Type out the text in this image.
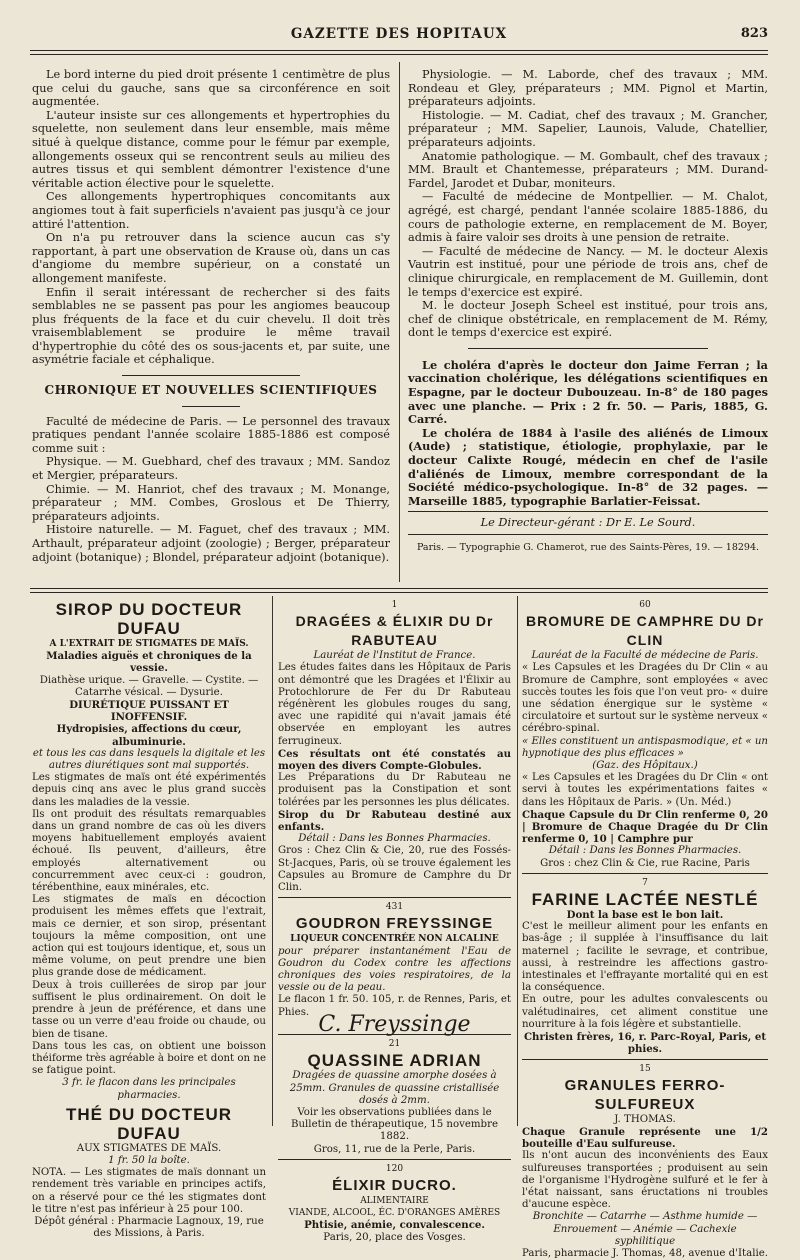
GAZETTE DES HOPITAUX	823

Le bord interne du pied droit présente 1 centimètre de plus que celui du gauche, sans que sa circonférence en soit augmentée.

L'auteur insiste sur ces allongements et hypertrophies du squelette, non seulement dans leur ensemble, mais même situé à quelque distance, comme pour le fémur par exemple, allongements osseux qui se rencontrent seuls au milieu des autres tissus et qui semblent démontrer l'existence d'une véritable action élective pour le squelette.

Ces allongements hypertrophiques concomitants aux angiomes tout à fait superficiels n'avaient pas jusqu'à ce jour attiré l'attention.

On n'a pu retrouver dans la science aucun cas s'y rapportant, à part une observation de Krause où, dans un cas d'angiome du membre supérieur, on a constaté un allongement manifeste.

Enfin il serait intéressant de rechercher si des faits semblables ne se passent pas pour les angiomes beaucoup plus fréquents de la face et du cuir chevelu. Il doit très vraisemblablement se produire le même travail d'hypertrophie du côté des os sous-jacents et, par suite, une asymétrie faciale et céphalique.

CHRONIQUE ET NOUVELLES SCIENTIFIQUES

Faculté de médecine de Paris. — Le personnel des travaux pratiques pendant l'année scolaire 1885-1886 est composé comme suit :

Physique. — M. Guebhard, chef des travaux ; MM. Sandoz et Mergier, préparateurs.

Chimie. — M. Hanriot, chef des travaux ; M. Monange, préparateur ; MM. Combes, Groslous et De Thierry, préparateurs adjoints.

Histoire naturelle. — M. Faguet, chef des travaux ; MM. Arthault, préparateur adjoint (zoologie) ; Berger, préparateur adjoint (botanique) ; Blondel, préparateur adjoint (botanique).

Physiologie. — M. Laborde, chef des travaux ; MM. Rondeau et Gley, préparateurs ; MM. Pignol et Martin, préparateurs adjoints.

Histologie. — M. Cadiat, chef des travaux ; M. Grancher, préparateur ; MM. Sapelier, Launois, Valude, Chatellier, préparateurs adjoints.

Anatomie pathologique. — M. Gombault, chef des travaux ; MM. Brault et Chantemesse, préparateurs ; MM. Durand-Fardel, Jarodet et Dubar, moniteurs.

— Faculté de médecine de Montpellier. — M. Chalot, agrégé, est chargé, pendant l'année scolaire 1885-1886, du cours de pathologie externe, en remplacement de M. Boyer, admis à faire valoir ses droits à une pension de retraite.

— Faculté de médecine de Nancy. — M. le docteur Alexis Vautrin est institué, pour une période de trois ans, chef de clinique chirurgicale, en remplacement de M. Guillemin, dont le temps d'exercice est expiré.

M. le docteur Joseph Scheel est institué, pour trois ans, chef de clinique obstétricale, en remplacement de M. Rémy, dont le temps d'exercice est expiré.

Le choléra d'après le docteur don Jaime Ferran ; la vaccination cholérique, les délégations scientifiques en Espagne, par le docteur Dubouzeau. In-8° de 180 pages avec une planche. — Prix : 2 fr. 50. — Paris, 1885, G. Carré.

Le choléra de 1884 à l'asile des aliénés de Limoux (Aude) ; statistique, étiologie, prophylaxie, par le docteur Calixte Rougé, médecin en chef de l'asile d'aliénés de Limoux, membre correspondant de la Société médico-psychologique. In-8° de 32 pages. — Marseille 1885, typographie Barlatier-Feissat.

Le Directeur-gérant : Dr E. Le Sourd.
Paris. — Typographie G. Chamerot, rue des Saints-Pères, 19. — 18294.
SIROP DU DOCTEUR DUFAU
A L'EXTRAIT DE STIGMATES DE MAÏS.

Maladies aiguës et chroniques de la vessie.

Diathèse urique. — Gravelle. — Cystite. — Catarrhe vésical. — Dysurie.

DIURÉTIQUE PUISSANT ET INOFFENSIF.

Hydropisies, affections du cœur, albuminurie.

et tous les cas dans lesquels la digitale et les autres diurétiques sont mal supportés.

Les stigmates de maïs ont été expérimentés depuis cinq ans avec le plus grand succès dans les maladies de la vessie.

Ils ont produit des résultats remarquables dans un grand nombre de cas où les divers moyens habituellement employés avaient échoué. Ils peuvent, d'ailleurs, être employés alternativement ou concurremment avec ceux-ci : goudron, térébenthine, eaux minérales, etc.

Les stigmates de maïs en décoction produisent les mêmes effets que l'extrait, mais ce dernier, et son sirop, présentant toujours la même composition, ont une action qui est toujours identique, et, sous un même volume, on peut prendre une bien plus grande dose de médicament.

Deux à trois cuillerées de sirop par jour suffisent le plus ordinairement. On doit le prendre à jeun de préférence, et dans une tasse ou un verre d'eau froide ou chaude, ou bien de tisane.

Dans tous les cas, on obtient une boisson théiforme très agréable à boire et dont on ne se fatigue point.

3 fr. le flacon dans les principales pharmacies.

THÉ DU DOCTEUR DUFAU
AUX STIGMATES DE MAÏS.
1 fr. 50 la boîte.

NOTA. — Les stigmates de maïs donnant un rendement très variable en principes actifs, on a réservé pour ce thé les stigmates dont le titre n'est pas inférieur à 25 pour 100.

Dépôt général : Pharmacie Lagnoux, 19, rue des Missions, à Paris.

1
DRAGÉES & ÉLIXIR DU Dr RABUTEAU
Lauréat de l'Institut de France.

Les études faites dans les Hôpitaux de Paris ont démontré que les Dragées et l'Élixir au Protochlorure de Fer du Dr Rabuteau régénèrent les globules rouges du sang, avec une rapidité qui n'avait jamais été observée en employant les autres ferrugineux.

Ces résultats ont été constatés au moyen des divers Compte-Globules.

Les Préparations du Dr Rabuteau ne produisent pas la Constipation et sont tolérées par les personnes les plus délicates.

Sirop du Dr Rabuteau destiné aux enfants.

Détail : Dans les Bonnes Pharmacies.

Gros : Chez Clin & Cie, 20, rue des Fossés-St-Jacques, Paris, où se trouve également les Capsules au Bromure de Camphre du Dr Clin.

431
GOUDRON FREYSSINGE
LIQUEUR CONCENTRÉE NON ALCALINE

pour préparer instantanément l'Eau de Goudron du Codex contre les affections chroniques des voies respiratoires, de la vessie ou de la peau.

Le flacon 1 fr. 50. 105, r. de Rennes, Paris, et Phies. C. Freyssinge
21
QUASSINE ADRIAN

Dragées de quassine amorphe dosées à 25mm. Granules de quassine cristallisée dosés à 2mm.

Voir les observations publiées dans le Bulletin de thérapeutique, 15 novembre 1882.

Gros, 11, rue de la Perle, Paris.

120
ÉLIXIR DUCRO.
ALIMENTAIRE
VIANDE, ALCOOL, ÉC. D'ORANGES AMÈRES

Phtisie, anémie, convalescence.

Paris, 20, place des Vosges.

60
BROMURE DE CAMPHRE DU Dr CLIN
Lauréat de la Faculté de médecine de Paris.

« Les Capsules et les Dragées du Dr Clin « au Bromure de Camphre, sont employées « avec succès toutes les fois que l'on veut pro- « duire une sédation énergique sur le système « circulatoire et surtout sur le système nerveux « cérébro-spinal.

« Elles constituent un antispasmodique, et « un hypnotique des plus efficaces »

(Gaz. des Hôpitaux.)

« Les Capsules et les Dragées du Dr Clin « ont servi à toutes les expérimentations faites « dans les Hôpitaux de Paris. » (Un. Méd.)

Chaque Capsule du Dr Clin renferme 0, 20 | Bromure de Chaque Dragée du Dr Clin renferme 0, 10 | Camphre pur

Détail : Dans les Bonnes Pharmacies.

Gros : chez Clin & Cie, rue Racine, Paris

7
FARINE LACTÉE NESTLÉ
Dont la base est le bon lait.

C'est le meilleur aliment pour les enfants en bas-âge ; il supplée à l'insuffisance du lait maternel ; facilite le sevrage, et contribue, aussi, à restreindre les affections gastro-intestinales et l'effrayante mortalité qui en est la conséquence.

En outre, pour les adultes convalescents ou valétudinaires, cet aliment constitue une nourriture à la fois légère et substantielle.

Christen frères, 16, r. Parc-Royal, Paris, et phies.

15
GRANULES FERRO-SULFUREUX
J. THOMAS.

Chaque Granule représente une 1/2 bouteille d'Eau sulfureuse.

Ils n'ont aucun des inconvénients des Eaux sulfureuses transportées ; produisent au sein de l'organisme l'Hydrogène sulfuré et le fer à l'état naissant, sans éructations ni troubles d'aucune espèce.

Bronchite — Catarrhe — Asthme humide — Enrouement — Anémie — Cachexie syphilitique

Paris, pharmacie J. Thomas, 48, avenue d'Italie.
